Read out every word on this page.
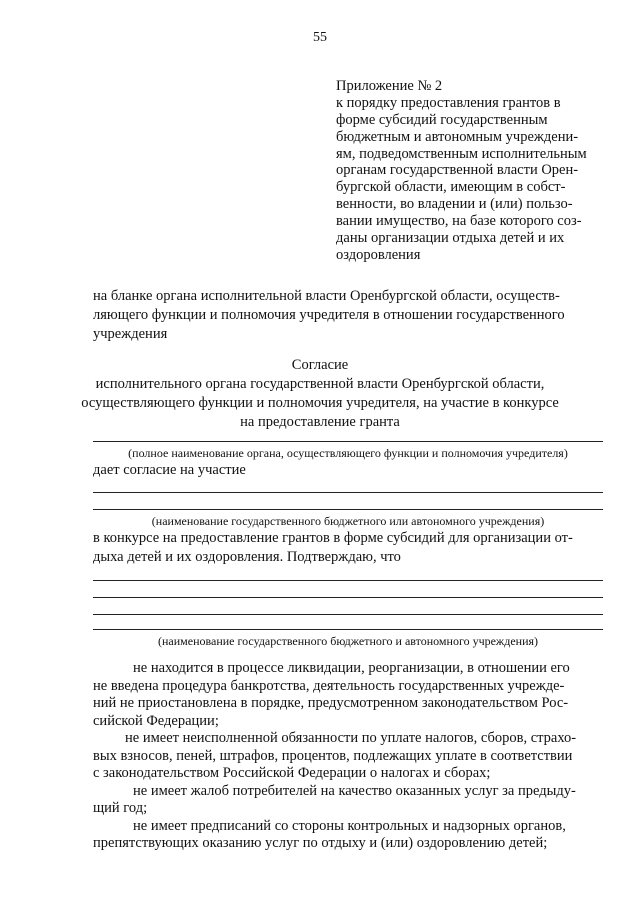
55
Приложение № 2
к порядку предоставления грантов в
форме субсидий государственным
бюджетным и автономным учреждени-
ям, подведомственным исполнительным
органам государственной власти Орен-
бургской области, имеющим в собст-
венности, во владении и (или) пользо-
вании имущество, на базе которого соз-
даны организации отдыха детей и их
оздоровления
на бланке органа исполнительной власти Оренбургской области, осуществ-
ляющего функции и полномочия учредителя в отношении государственного
учреждения
Согласие
исполнительного органа государственной власти Оренбургской области,
осуществляющего функции и полномочия учредителя, на участие в конкурсе
на предоставление гранта
(полное наименование органа, осуществляющего функции и полномочия учредителя)
дает согласие на участие
(наименование государственного бюджетного или автономного учреждения)
в конкурсе на предоставление грантов в форме субсидий для организации от-
дыха детей и их оздоровления. Подтверждаю, что
(наименование государственного бюджетного и автономного учреждения)
не находится в процессе ликвидации, реорганизации, в отношении его
не введена процедура банкротства, деятельность государственных учрежде-
ний не приостановлена в порядке, предусмотренном законодательством Рос-
сийской Федерации;
не имеет неисполненной обязанности по уплате налогов, сборов, страхо-
вых взносов, пеней, штрафов, процентов, подлежащих уплате в соответствии
с законодательством Российской Федерации о налогах и сборах;
не имеет жалоб потребителей на качество оказанных услуг за предыду-
щий год;
не имеет предписаний со стороны контрольных и надзорных органов,
препятствующих оказанию услуг по отдыху и (или) оздоровлению детей;
